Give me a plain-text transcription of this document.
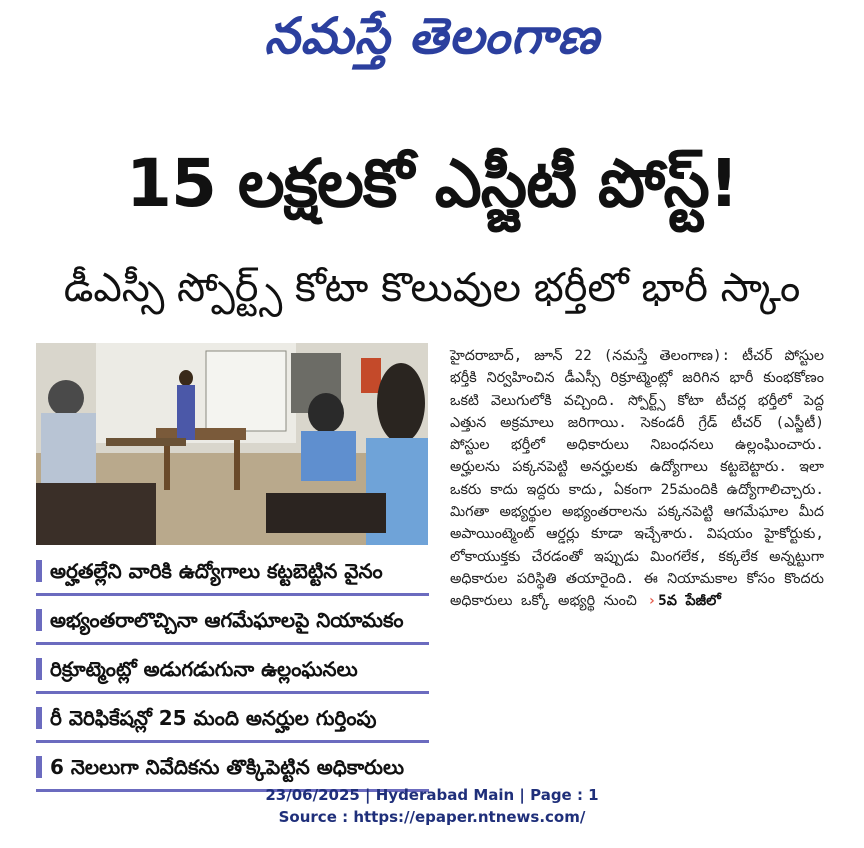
నమస్తే తెలంగాణ
15 లక్షలకో ఎస్జీటీ పోస్ట్!
డీఎస్సీ స్పోర్ట్స్ కోటా కొలువుల భర్తీలో భారీ స్కాం
అర్హతల్లేని వారికి ఉద్యోగాలు కట్టబెట్టిన వైనం
అభ్యంతరాలొచ్చినా ఆగమేఘాలపై నియామకం
రిక్రూట్మెంట్లో అడుగడుగునా ఉల్లంఘనలు
రీ వెరిఫికేషన్లో 25 మంది అనర్హుల గుర్తింపు
6 నెలలుగా నివేదికను తొక్కిపెట్టిన అధికారులు

హైదరాబాద్, జూన్ 22 (నమస్తే తెలంగాణ): టీచర్ పోస్టుల భర్తీకి నిర్వహించిన డీఎస్సీ రిక్రూట్మెంట్లో జరిగిన భారీ కుంభకోణం ఒకటి వెలుగులోకి వచ్చింది. స్పోర్ట్స్ కోటా టీచర్ల భర్తీలో పెద్ద ఎత్తున అక్రమాలు జరిగాయి. సెకండరీ గ్రేడ్ టీచర్ (ఎస్జీటీ) పోస్టుల భర్తీలో అధికారులు నిబంధనలు ఉల్లంఘించారు. అర్హులను పక్కనపెట్టి అనర్హులకు ఉద్యోగాలు కట్టబెట్టారు. ఇలా ఒకరు కాదు ఇద్దరు కాదు, ఏకంగా 25మందికి ఉద్యోగాలిచ్చారు. మిగతా అభ్యర్థుల అభ్యంతరాలను పక్కనపెట్టి ఆగమేఘాల మీద అపాయింట్మెంట్ ఆర్డర్లు కూడా ఇచ్చేశారు. విషయం హైకోర్టుకు, లోకాయుక్తకు చేరడంతో ఇప్పుడు మింగలేక, కక్కలేక అన్నట్టుగా అధికారుల పరిస్థితి తయారైంది. ఈ నియామకాల కోసం కొందరు అధికారులు ఒక్కో అభ్యర్థి నుంచి › 5వ పేజీలో

23/06/2025 | Hyderabad Main | Page : 1
Source : https://epaper.ntnews.com/
